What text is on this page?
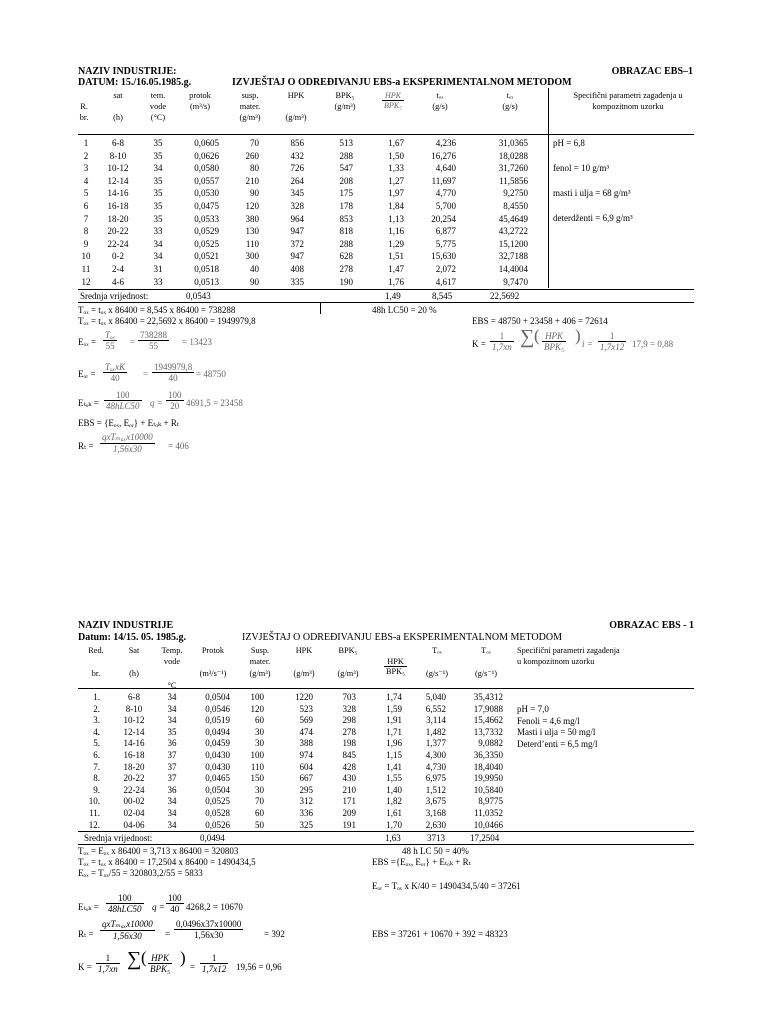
NAZIV INDUSTRIJE:
DATUM: 15./16.05.1985.g.
OBRAZAC EBS–1
IZVJEŠTAJ O ODREĐIVANJU EBS-a EKSPERIMENTALNOM METODOM
R.
br.
sat
(h)
tem.
vode
(°C)
protok
(m³/s)
susp.
mater.
(g/m³)
HPK
(g/m³)
BPK₅
(g/m³)
tₒₓ
(g/s)
tₒₓ
(g/s)
HPK
BPK₅
Specifični parametri zagađenja u
kompozitnom uzorku
1	6-8	35	0,0605	70	856	513	1,67	4,236	31,0365
2 8-10	35	0,0626	260	432	288	1,50	16,276	18,0288
3 10-12	34	0,0580	80	726	547	1,33	4,640	31,7260
4 12-14	35	0,0557	210	264	208	1,27	11,697	11,5856
5 14-16	35	0,0530	90	345	175	1,97	4,770	9,2750
6 16-18	35	0,0475	120	328	178	1,84	5,700	8,4550
7 18-20	35	0,0533	380	964	853	1,13	20,254	45,4649
8 20-22	33	0,0529	130	947	818	1,16	6,877	43,2722
9 22-24	34	0,0525	110	372	288	1,29	5,775	15,1200
10 0-2	34	0,0521	300	947	628	1,51	15,630	32,7188
11 2-4	31	0,0518	40	408	278	1,47	2,072	14,4004
12 4-6	33	0,0513	90	335	190	1,76	4,617	9,7470
pH = 6,8
fenol = 10 g/m³
masti i ulja = 68 g/m³
deterdženti = 6,9 g/m³
Srednja vrijednost:	0,0543	1,49	8,545	22,5692
Tₒₓ = tₒₓ x 86400 = 8,545 x 86400 = 738288
Tₒₓ = tₒₓ x 86400 = 22,5692 x 86400 = 1949979,8
48h LC50 = 20 %
EBS = 48750 + 23458 + 406 = 72614
Eₒₓ =
Tₒₓ
$55 = \frac{738288}{55} = 13423$
Eₒᵣ =
TₒₓxK
40	= $\frac{1949979,8}{40} = 48750$
Eₜₒₖ =
100
48hLC50 $q = \frac{100}{20} 4691,5 = 23458$
EBS = {Eₒₓ, Eₒᵣ} + Eₜₒₖ + Rₜ
Rₜ =
qxTₘₐₓx10000
1,56x30	= 406
$K = \frac{1}{1,7xn}$ ∑ ( HPK
BPK₅
) $i = \frac{1}{1,7x12} 17,9 = 0,88$
NAZIV INDUSTRIJE
Datum: 14/15. 05. 1985.g.
OBRAZAC EBS - 1
IZVJEŠTAJ O ODREĐIVANJU EBS-a EKSPERIMENTALNOM METODOM
Red.
br.
Sat
(h)
Temp.
vode
°C
Protok
(m³/s⁻¹)
Susp.
mater.
(g/m³)
HPK
(g/m³)
BPK₅
(g/m³)
Tₒₓ
(g/s⁻¹)
Tₒₓ
(g/s⁻¹)
HPK
BPK₅
Specifični parametri zagađenja
u kompozitnom uzorku
1.	6-8	34	0,0504 100	1220	703	1,74	5,040	35,4312
2.	8-10	34	0,0546 120	523	328	1,59	6,552	17,9088
3.	10-12	34	0,0519	60	569	298	1,91	3,114	15,4662
4.	12-14	35	0,0494	30	474	278	1,71	1,482	13,7332
5.	14-16	36	0,0459	30	388	198	1,96	1,377	9,0882
6.	16-18	37	0,0430 100	974	845	1,15	4,300	36,3350
7.	18-20	37	0,0430 110	604	428	1,41	4,730	18,4040
8.	20-22	37	0,0465 150	667	430	1,55	6,975	19,9950
9.	22-24	36	0,0504	30	295	210	1,40	1,512	10,5840
10.	00-02	34	0,0525	70	312	171	1,82	3,675	8,9775
11.	02-04	34	0,0528	60	336	209	1,61	3,168	11,0352
12.	04-06	34	0,0526	50	325	191	1,70	2,630	10,0466
pH = 7,0
Fenoli = 4,6 mg/l
Masti i ulja = 50 mg/l
Deterd’enti = 6,5 mg/l
Srednja vrijednost:	0,0494	1,63	3713	17,2504
Tₒₓ = Eₒₓ x 86400 = 3,713 x 86400 = 320803
Tₒₓ = tₒₓ x 86400 = 17,2504 x 86400 = 1490434,5
Eₒₓ = Tₒₓ/55 = 320803,2/55 = 5833
48 h LC 50 = 40%
EBS ={Eₒₓ, Eₒᵣ} + Eₜₒₖ + Rₜ
Eₒᵣ = Tₒₓ x K/40 = 1490434,5/40 = 37261
Eₜₒₖ =
100
48hLC50 $q = \frac{100}{40} 4268,2 = 10670$
Rₜ =
qxTₘₐₓx10000
1,56x30	= $\frac{0,0496x37x10000}{1,56x30} = 392$	EBS = 37261 + 10670 + 392 = 48323
$K = \frac{1}{1,7xn}$ ∑ ( HPK
BPK₅
) = $\frac{1}{1,7x12} 19,56 = 0,96$
